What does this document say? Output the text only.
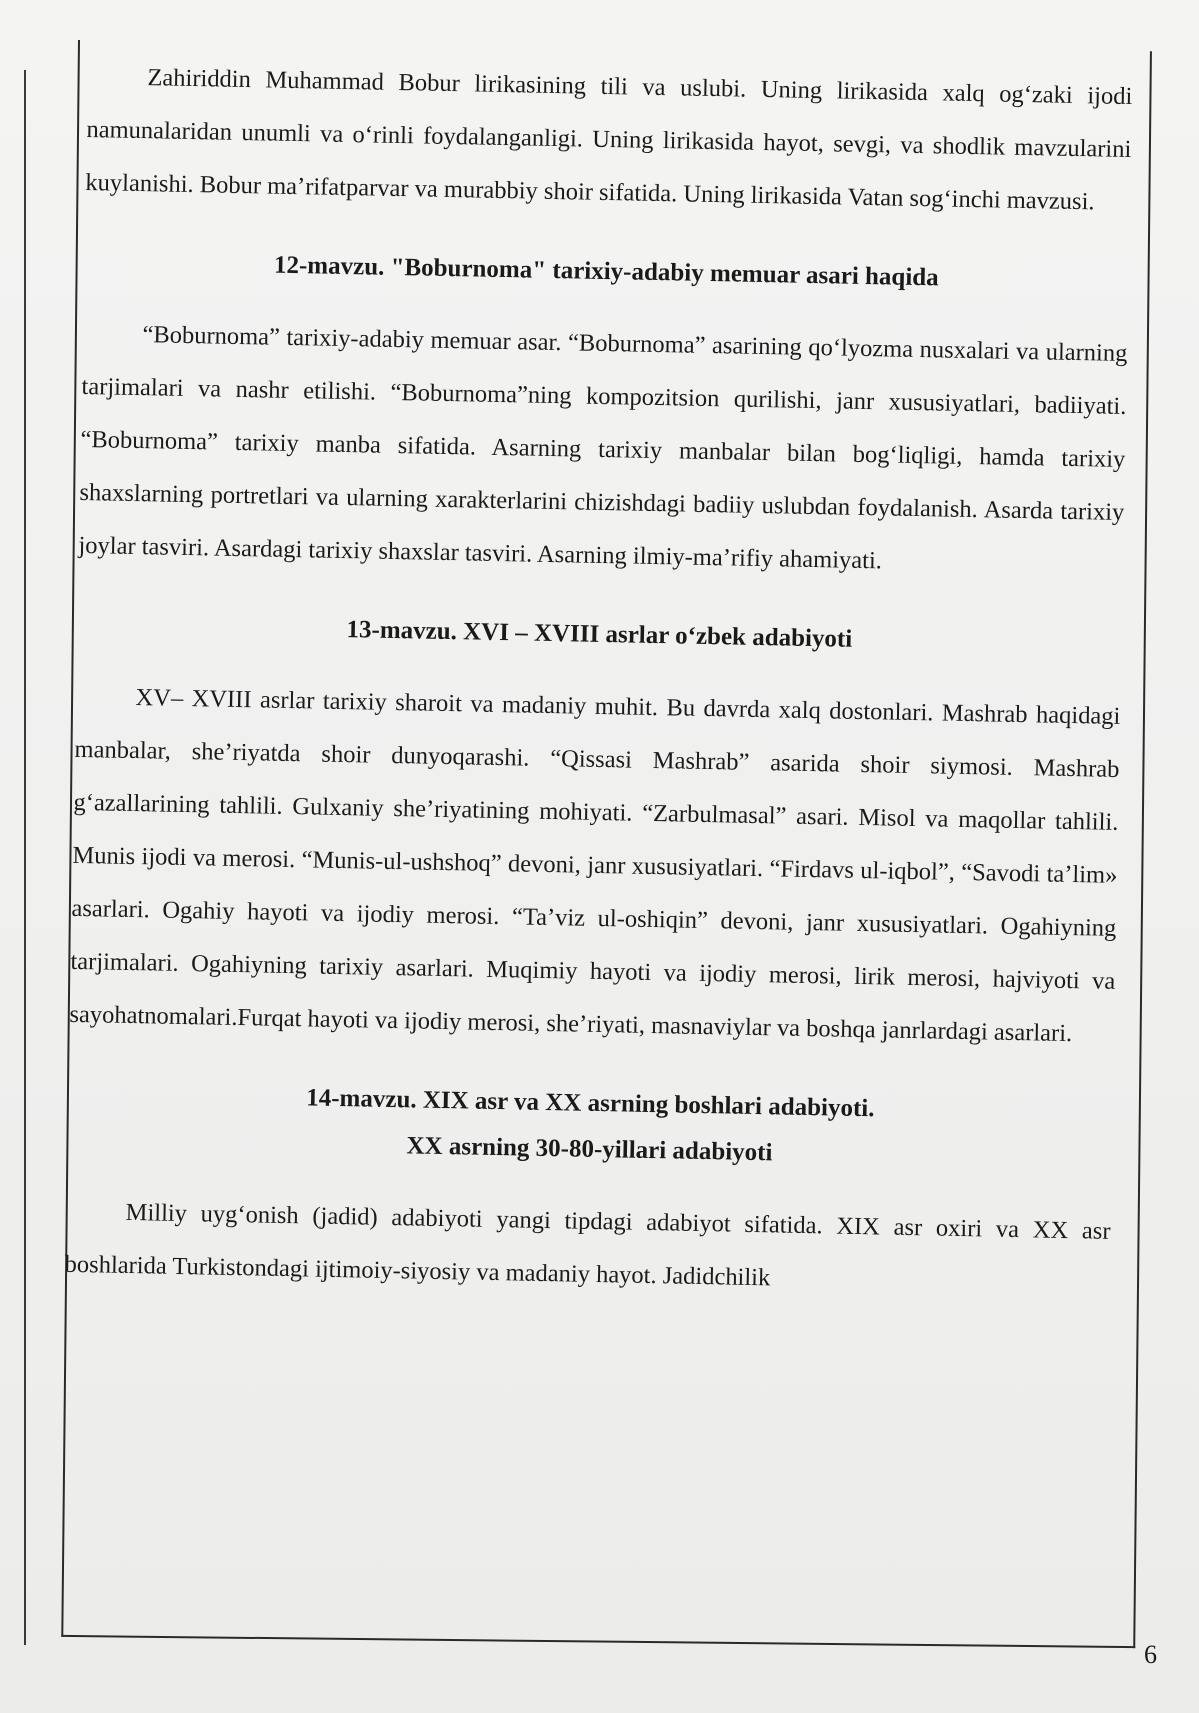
Zahiriddin Muhammad Bobur lirikasining tili va uslubi. Uning lirikasida xalq og‘zaki ijodi namunalaridan unumli va o‘rinli foydalanganligi. Uning lirikasida hayot, sevgi, va shodlik mavzularini kuylanishi. Bobur ma’rifatparvar va murabbiy shoir sifatida. Uning lirikasida Vatan sog‘inchi mavzusi.

12-mavzu. "Boburnoma" tarixiy-adabiy memuar asari haqida

“Boburnoma” tarixiy-adabiy memuar asar. “Boburnoma” asarining qo‘lyozma nusxalari va ularning tarjimalari va nashr etilishi. “Boburnoma”ning kompozitsion qurilishi, janr xususiyatlari, badiiyati. “Boburnoma” tarixiy manba sifatida. Asarning tarixiy manbalar bilan bog‘liqligi, hamda tarixiy shaxslarning portretlari va ularning xarakterlarini chizishdagi badiiy uslubdan foydalanish. Asarda tarixiy joylar tasviri. Asardagi tarixiy shaxslar tasviri. Asarning ilmiy-ma’rifiy ahamiyati.

13-mavzu. XVI – XVIII asrlar o‘zbek adabiyoti

XV– XVIII asrlar tarixiy sharoit va madaniy muhit. Bu davrda xalq dostonlari. Mashrab haqidagi manbalar, she’riyatda shoir dunyoqarashi. “Qissasi Mashrab” asarida shoir siymosi. Mashrab g‘azallarining tahlili. Gulxaniy she’riyatining mohiyati. “Zarbulmasal” asari. Misol va maqollar tahlili. Munis ijodi va merosi. “Munis-ul-ushshoq” devoni, janr xususiyatlari. “Firdavs ul-iqbol”, “Savodi ta’lim» asarlari. Ogahiy hayoti va ijodiy merosi. “Ta’viz ul-oshiqin” devoni, janr xususiyatlari. Ogahiyning tarjimalari. Ogahiyning tarixiy asarlari. Muqimiy hayoti va ijodiy merosi, lirik merosi, hajviyoti va sayohatnomalari.Furqat hayoti va ijodiy merosi, she’riyati, masnaviylar va boshqa janrlardagi asarlari.

14-mavzu. XIX asr va XX asrning boshlari adabiyoti.

XX asrning 30-80-yillari adabiyoti

Milliy uyg‘onish (jadid) adabiyoti yangi tipdagi adabiyot sifatida. XIX asr oxiri va XX asr boshlarida Turkistondagi ijtimoiy-siyosiy va madaniy hayot. Jadidchilik

6
